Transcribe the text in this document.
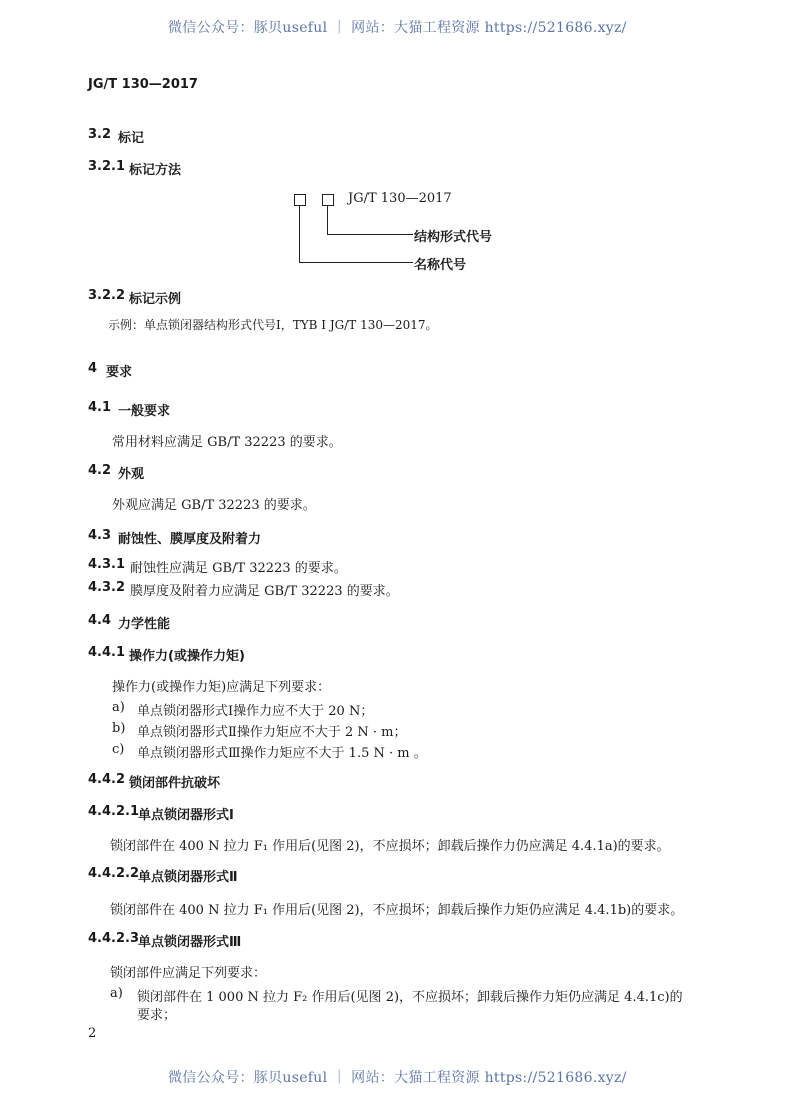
微信公众号：豚贝useful ｜ 网站：大猫工程资源 https://521686.xyz/
JG/T 130—2017
3.2 标记
3.2.1 标记方法
JG/T 130—2017
结构形式代号
名称代号
3.2.2 标记示例
示例：单点锁闭器结构形式代号Ⅰ，TYB Ⅰ JG/T 130—2017。
4 要求
4.1 一般要求
常用材料应满足 GB/T 32223 的要求。
4.2 外观
外观应满足 GB/T 32223 的要求。
4.3 耐蚀性、膜厚度及附着力
4.3.1 耐蚀性应满足 GB/T 32223 的要求。
4.3.2 膜厚度及附着力应满足 GB/T 32223 的要求。
4.4 力学性能
4.4.1 操作力(或操作力矩)
操作力(或操作力矩)应满足下列要求：
a) 单点锁闭器形式Ⅰ操作力应不大于 20 N；
b) 单点锁闭器形式Ⅱ操作力矩应不大于 2 N · m；
c) 单点锁闭器形式Ⅲ操作力矩应不大于 1.5 N · m 。
4.4.2 锁闭部件抗破坏
4.4.2.1 单点锁闭器形式Ⅰ
锁闭部件在 400 N 拉力 F₁ 作用后(见图 2)，不应损坏；卸载后操作力仍应满足 4.4.1a)的要求。
4.4.2.2 单点锁闭器形式Ⅱ
锁闭部件在 400 N 拉力 F₁ 作用后(见图 2)，不应损坏；卸载后操作力矩仍应满足 4.4.1b)的要求。
4.4.2.3 单点锁闭器形式Ⅲ
锁闭部件应满足下列要求：
a) 锁闭部件在 1 000 N 拉力 F₂ 作用后(见图 2)，不应损坏；卸载后操作力矩仍应满足 4.4.1c)的
要求；
2
微信公众号：豚贝useful ｜ 网站：大猫工程资源 https://521686.xyz/
